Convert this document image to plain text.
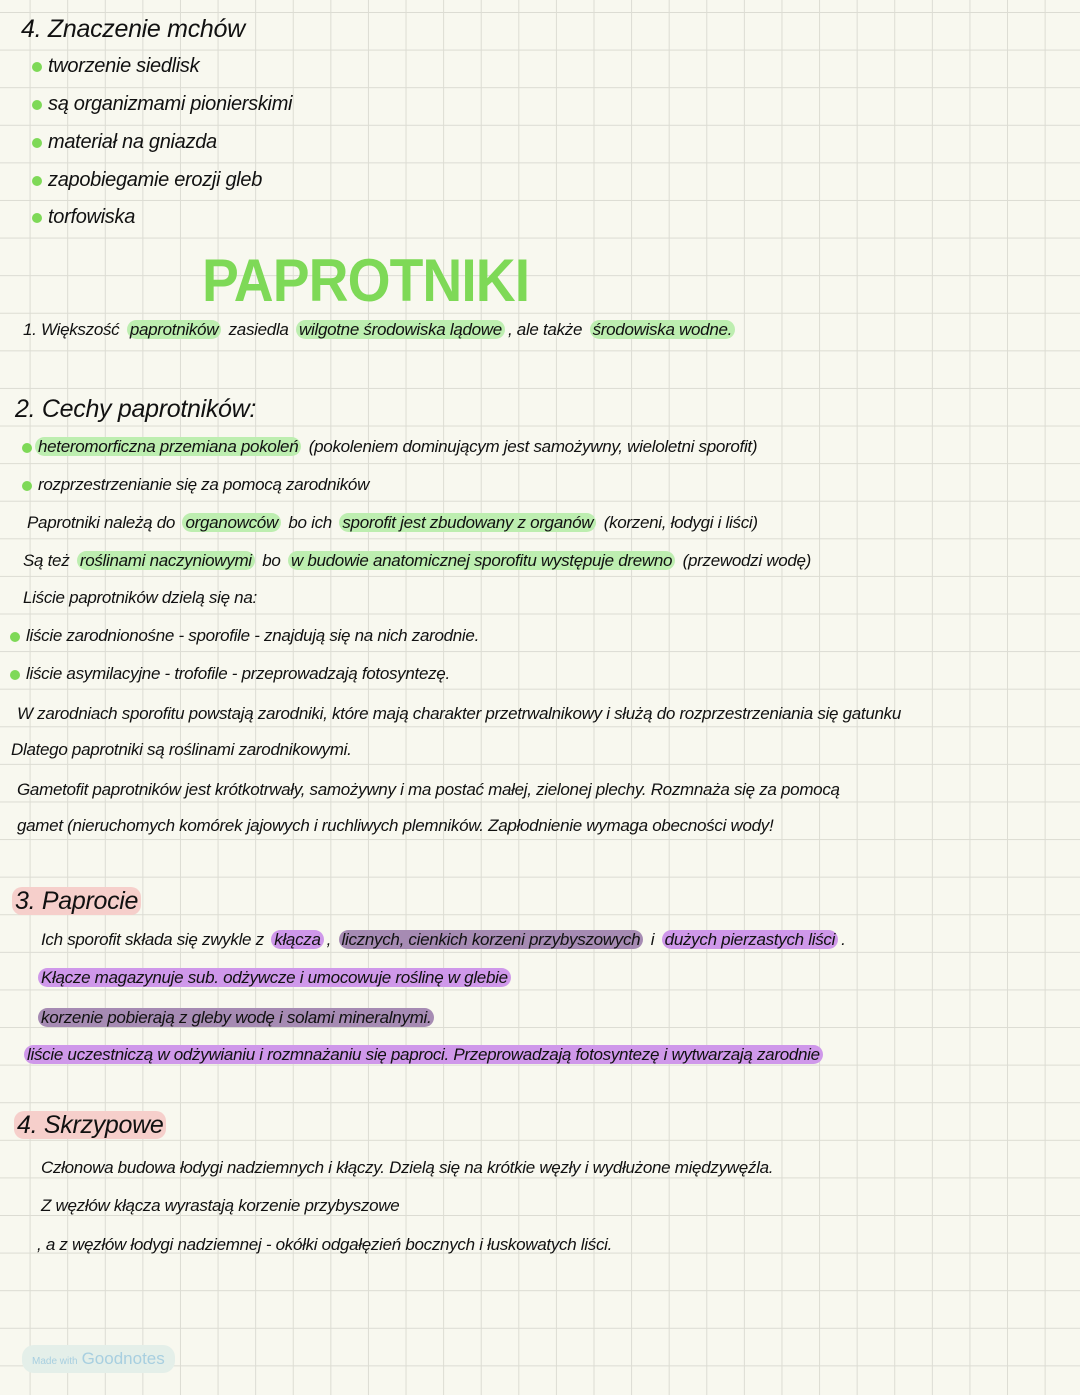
PAPROTNIKI
4. Znaczenie mchów
tworzenie siedlisk
są organizmami pionierskimi
materiał na gniazda
zapobiegamie erozji gleb
torfowiska
1. Większość paprotników zasiedla wilgotne środowiska lądowe , ale także środowiska wodne.
2. Cechy paprotników:
heteromorficzna przemiana pokoleń (pokoleniem dominującym jest samożywny, wieloletni sporofit)
rozprzestrzenianie się za pomocą zarodników
Paprotniki należą do organowców bo ich sporofit jest zbudowany z organów (korzeni, łodygi i liści)
Są też roślinami naczyniowymi bo w budowie anatomicznej sporofitu występuje drewno (przewodzi wodę)
Liście paprotników dzielą się na:
liście zarodnionośne - sporofile - znajdują się na nich zarodnie.
liście asymilacyjne - trofofile - przeprowadzają fotosyntezę.
W zarodniach sporofitu powstają zarodniki, które mają charakter przetrwalnikowy i służą do rozprzestrzeniania się gatunku
Dlatego paprotniki są roślinami zarodnikowymi.
Gametofit paprotników jest krótkotrwały, samożywny i ma postać małej, zielonej plechy. Rozmnaża się za pomocą
gamet (nieruchomych komórek jajowych i ruchliwych plemników. Zapłodnienie wymaga obecności wody!
3. Paprocie
Ich sporofit składa się zwykle z kłącza , licznych, cienkich korzeni przybyszowych i dużych pierzastych liści .
Kłącze magazynuje sub. odżywcze i umocowuje roślinę w glebie
korzenie pobierają z gleby wodę i solami mineralnymi.
liście uczestniczą w odżywianiu i rozmnażaniu się paproci. Przeprowadzają fotosyntezę i wytwarzają zarodnie
4. Skrzypowe
Członowa budowa łodygi nadziemnych i kłączy. Dzielą się na krótkie węzły i wydłużone międzywęźla.
Z węzłów kłącza wyrastają korzenie przybyszowe
, a z węzłów łodygi nadziemnej - okółki odgałęzień bocznych i łuskowatych liści.
Made with Goodnotes
